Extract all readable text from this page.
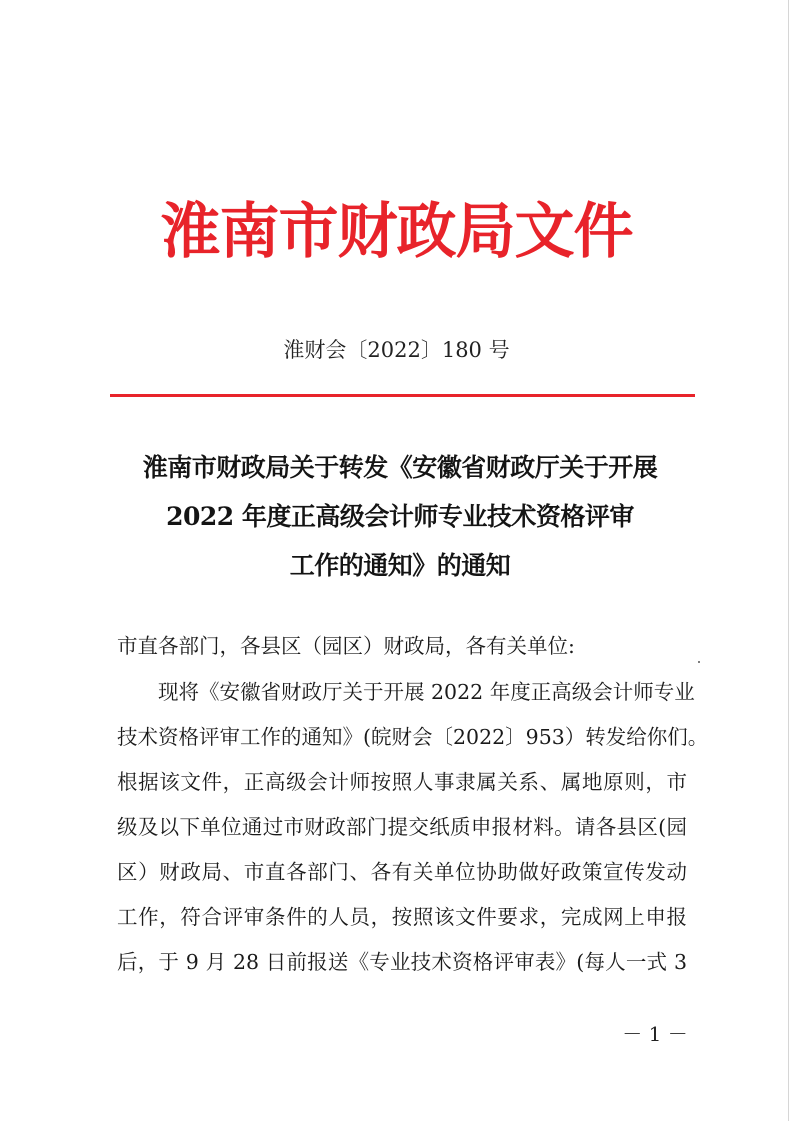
淮南市财政局文件
淮财会〔2022〕180 号
淮南市财政局关于转发《安徽省财政厅关于开展
2022 年度正高级会计师专业技术资格评审
工作的通知》的通知
市直各部门，各县区（园区）财政局，各有关单位:
现将《安徽省财政厅关于开展 2022 年度正高级会计师专业
技术资格评审工作的通知》(皖财会〔2022〕953）转发给你们。
根据该文件，正高级会计师按照人事隶属关系、属地原则，市
级及以下单位通过市财政部门提交纸质申报材料。请各县区(园
区）财政局、市直各部门、各有关单位协助做好政策宣传发动
工作，符合评审条件的人员，按照该文件要求，完成网上申报
后，于 9 月 28 日前报送《专业技术资格评审表》(每人一式 3
－ 1 －
